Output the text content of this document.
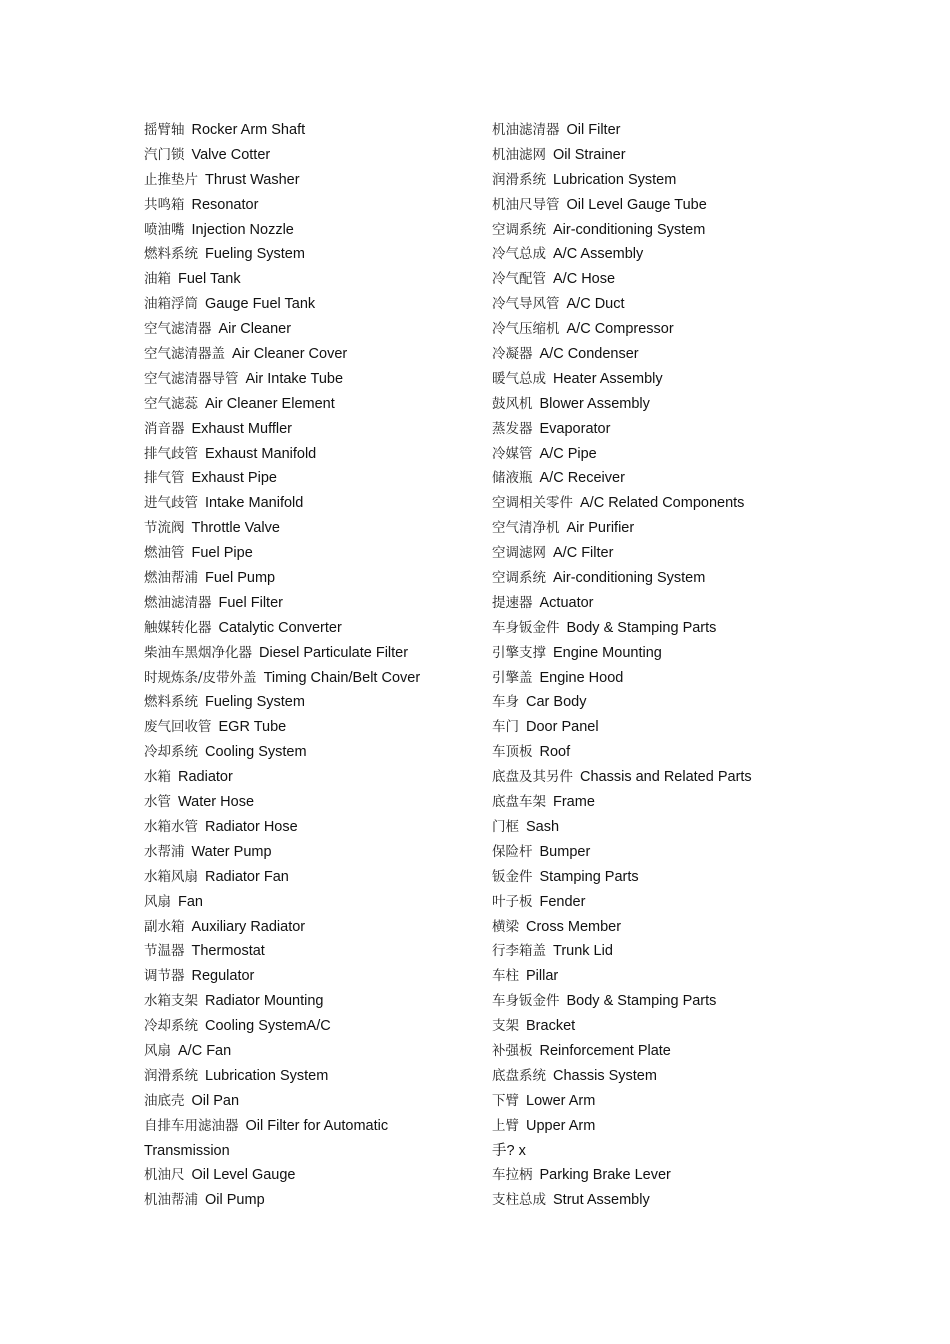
摇臂轴 Rocker Arm Shaft
汽门锁 Valve Cotter
止推垫片 Thrust Washer
共鸣箱 Resonator
喷油嘴 Injection Nozzle
燃料系统 Fueling System
油箱 Fuel Tank
油箱浮筒 Gauge Fuel Tank
空气滤清器 Air Cleaner
空气滤清器盖 Air Cleaner Cover
空气滤清器导管 Air Intake Tube
空气滤蕊 Air Cleaner Element
消音器 Exhaust Muffler
排气歧管 Exhaust Manifold
排气管 Exhaust Pipe
进气歧管 Intake Manifold
节流阀 Throttle Valve
燃油管 Fuel Pipe
燃油帮浦 Fuel Pump
燃油滤清器 Fuel Filter
触媒转化器 Catalytic Converter
柴油车黑烟净化器 Diesel Particulate Filter
时规炼条/皮带外盖 Timing Chain/Belt Cover
燃料系统 Fueling System
废气回收管 EGR Tube
冷却系统 Cooling System
水箱 Radiator
水管 Water Hose
水箱水管 Radiator Hose
水帮浦 Water Pump
水箱风扇 Radiator Fan
风扇 Fan
副水箱 Auxiliary Radiator
节温器 Thermostat
调节器 Regulator
水箱支架 Radiator Mounting
冷却系统 Cooling SystemA/C
风扇 A/C Fan
润滑系统 Lubrication System
油底壳 Oil Pan
自排车用滤油器 Oil Filter for Automatic
Transmission
机油尺 Oil Level Gauge
机油帮浦 Oil Pump
机油滤清器 Oil Filter
机油滤网 Oil Strainer
润滑系统 Lubrication System
机油尺导管 Oil Level Gauge Tube
空调系统 Air-conditioning System
冷气总成 A/C Assembly
冷气配管 A/C Hose
冷气导风管 A/C Duct
冷气压缩机 A/C Compressor
冷凝器 A/C Condenser
暖气总成 Heater Assembly
鼓风机 Blower Assembly
蒸发器 Evaporator
冷媒管 A/C Pipe
储液瓶 A/C Receiver
空调相关零件 A/C Related Components
空气清净机 Air Purifier
空调滤网 A/C Filter
空调系统 Air-conditioning System
提速器 Actuator
车身钣金件 Body & Stamping Parts
引擎支撑 Engine Mounting
引擎盖 Engine Hood
车身 Car Body
车门 Door Panel
车顶板 Roof
底盘及其另件 Chassis and Related Parts
底盘车架 Frame
门框 Sash
保险杆 Bumper
钣金件 Stamping Parts
叶子板 Fender
横梁 Cross Member
行李箱盖 Trunk Lid
车柱 Pillar
车身钣金件 Body & Stamping Parts
支架 Bracket
补强板 Reinforcement Plate
底盘系统 Chassis System
下臂 Lower Arm
上臂 Upper Arm
手? x
车拉柄 Parking Brake Lever
支柱总成 Strut Assembly
